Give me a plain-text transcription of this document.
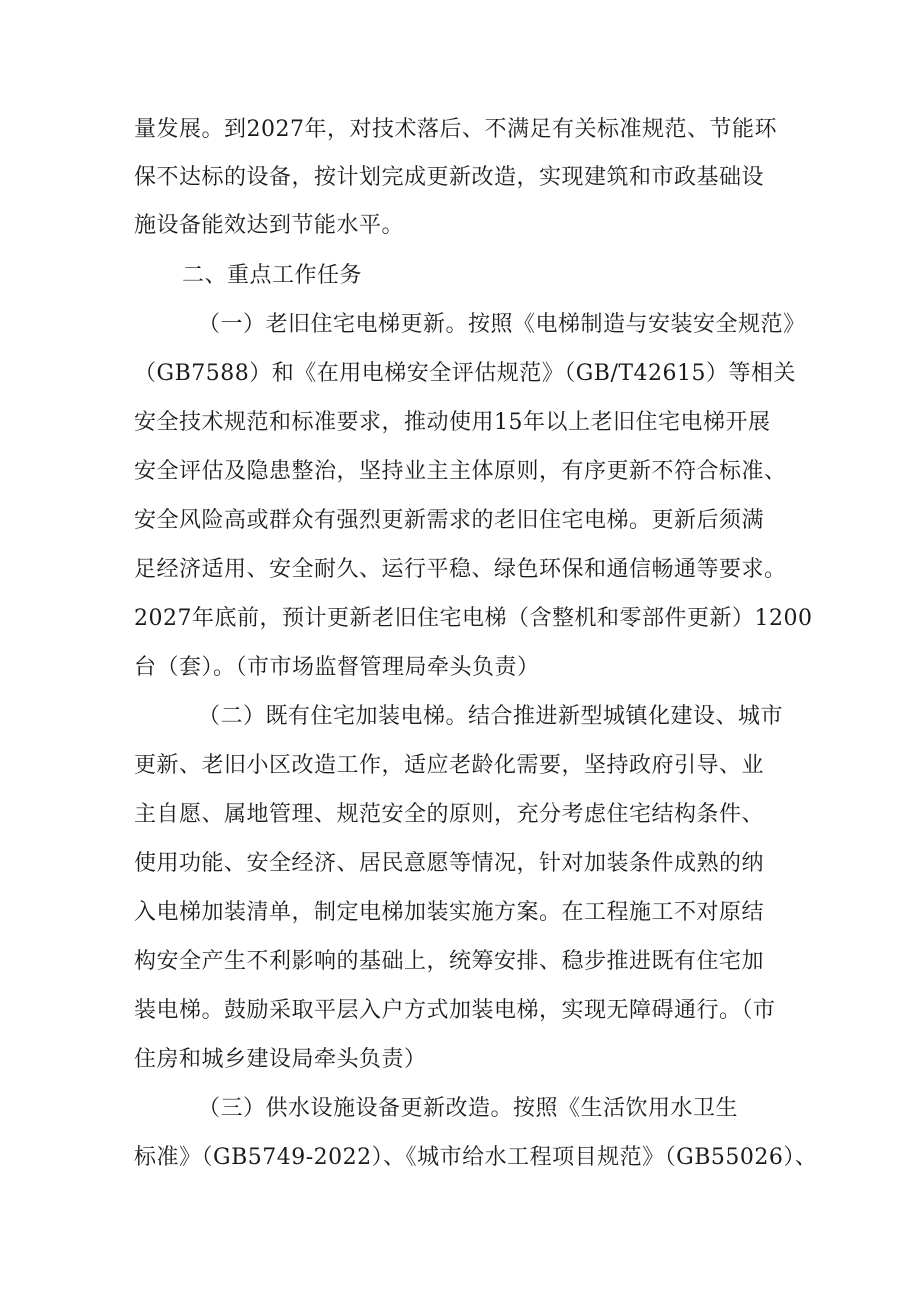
量发展。到2027年，对技术落后、不满足有关标准规范、节能环
保不达标的设备，按计划完成更新改造，实现建筑和市政基础设
施设备能效达到节能水平。
二、重点工作任务
（一）老旧住宅电梯更新。按照《电梯制造与安装安全规范》
（GB7588）和《在用电梯安全评估规范》（GB/T42615）等相关
安全技术规范和标准要求，推动使用15年以上老旧住宅电梯开展
安全评估及隐患整治，坚持业主主体原则，有序更新不符合标准、
安全风险高或群众有强烈更新需求的老旧住宅电梯。更新后须满
足经济适用、安全耐久、运行平稳、绿色环保和通信畅通等要求。
2027年底前，预计更新老旧住宅电梯（含整机和零部件更新）1200
台（套）。（市市场监督管理局牵头负责）
（二）既有住宅加装电梯。结合推进新型城镇化建设、城市
更新、老旧小区改造工作，适应老龄化需要，坚持政府引导、业
主自愿、属地管理、规范安全的原则，充分考虑住宅结构条件、
使用功能、安全经济、居民意愿等情况，针对加装条件成熟的纳
入电梯加装清单，制定电梯加装实施方案。在工程施工不对原结
构安全产生不利影响的基础上，统筹安排、稳步推进既有住宅加
装电梯。鼓励采取平层入户方式加装电梯，实现无障碍通行。（市
住房和城乡建设局牵头负责）
（三）供水设施设备更新改造。按照《生活饮用水卫生
标准》（GB5749-2022）、《城市给水工程项目规范》（GB55026）、
